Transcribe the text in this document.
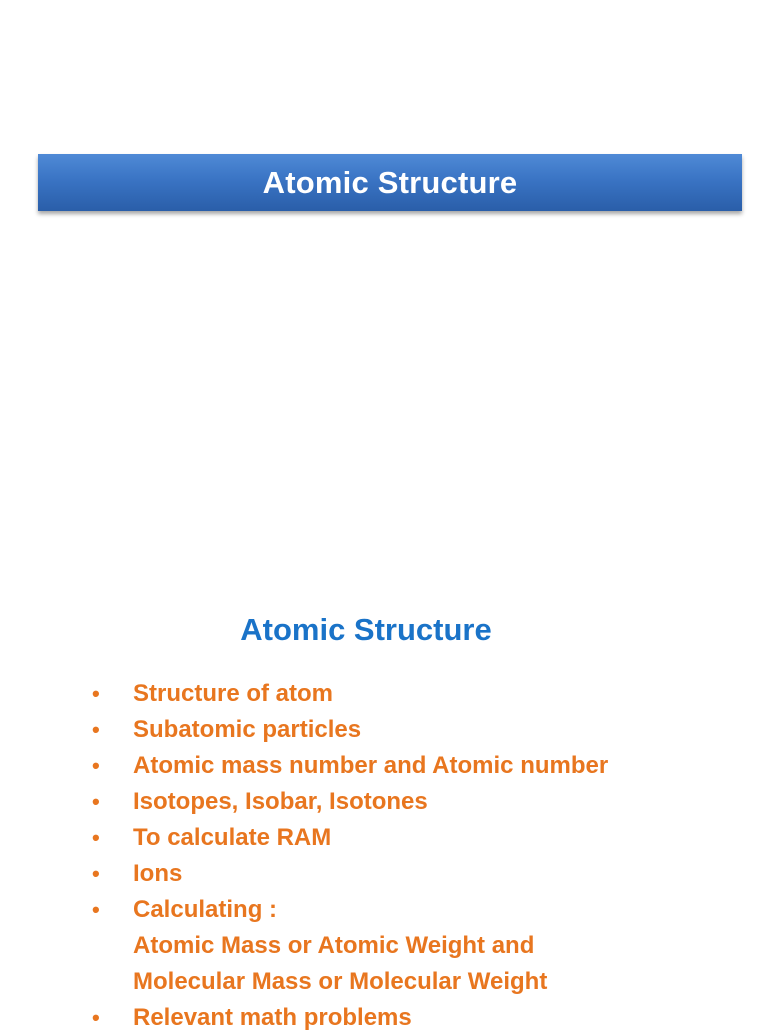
Atomic Structure
Atomic Structure
•	Structure of atom
•	Subatomic particles
•	Atomic mass number and Atomic number
•	Isotopes, Isobar, Isotones
•	To calculate RAM
•	Ions
•	Calculating :
Atomic Mass or Atomic Weight and
Molecular Mass or Molecular Weight
•	Relevant math problems
